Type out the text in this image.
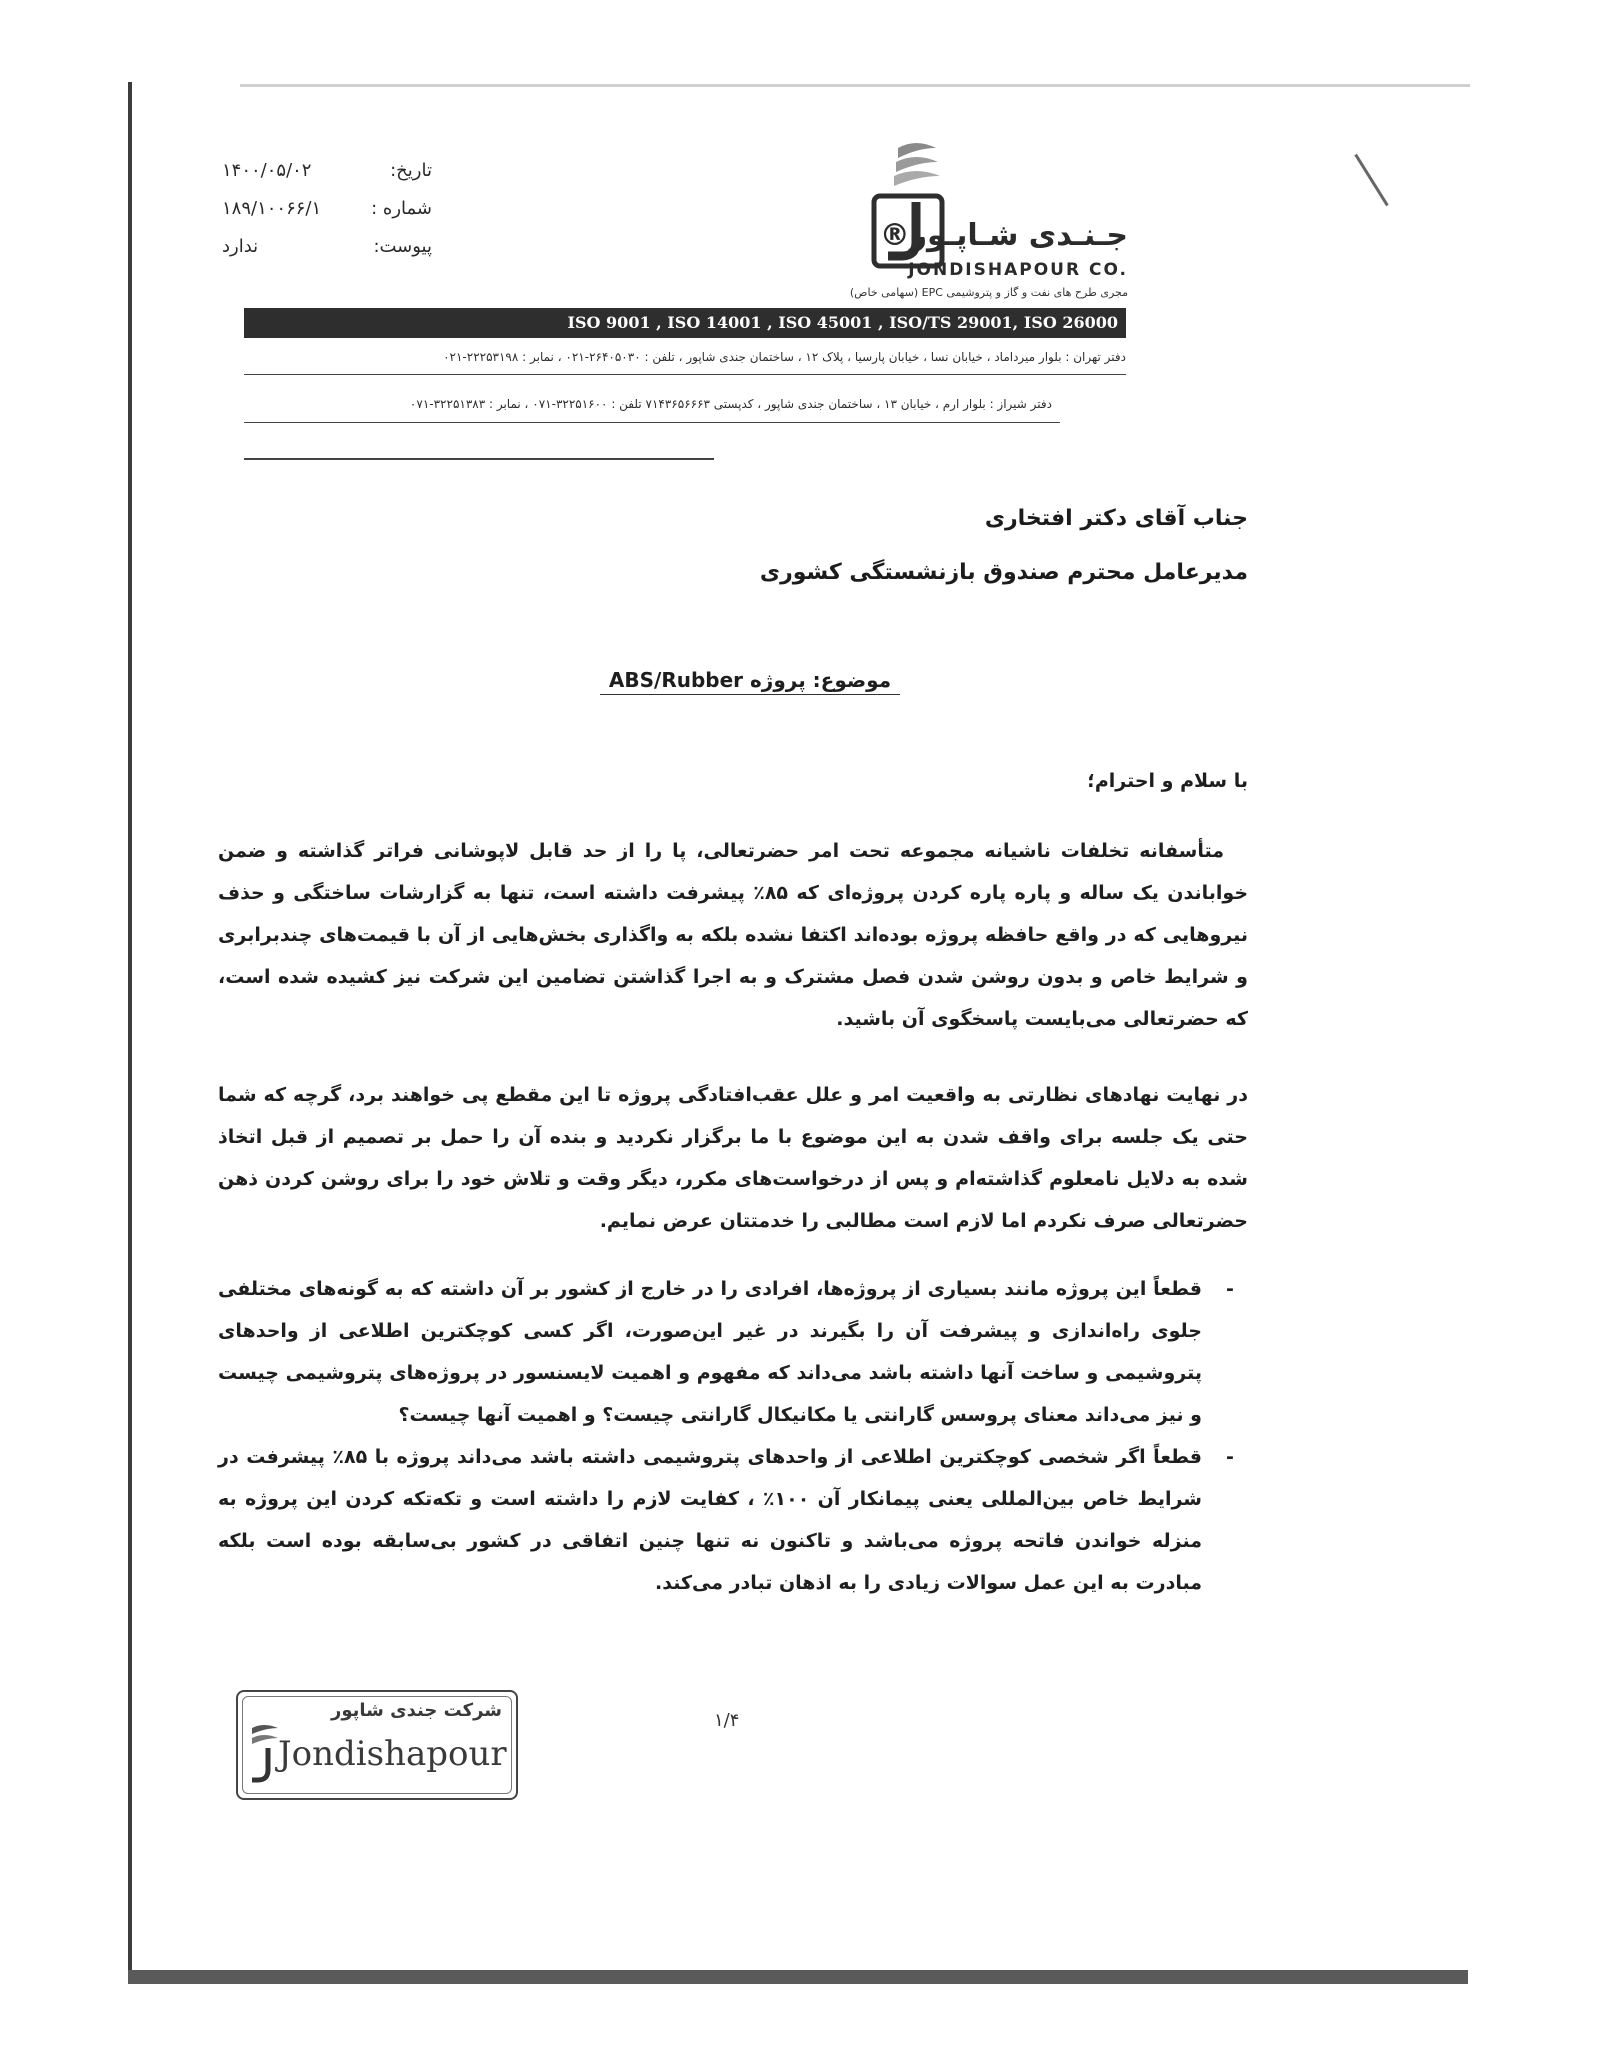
تاریخ:
۱۴۰۰/۰۵/۰۲
شماره :
۱۸۹/۱۰۰۶۶/۱
پیوست:
ندارد	جـنـدی شـاپـور®
JONDISHAPOUR CO.
مجری طرح های نفت و گاز و پتروشیمی EPC (سهامی خاص)
ISO 9001 , ISO 14001 , ISO 45001 , ISO/TS 29001, ISO 26000
دفتر تهران : بلوار میرداماد ، خیابان نسا ، خیابان پارسیا ، پلاک ۱۲ ، ساختمان جندی شاپور ، تلفن : ۲۶۴۰۵۰۳۰-۰۲۱ ، نمابر : ۲۲۲۵۳۱۹۸-۰۲۱
دفتر شیراز : بلوار ارم ، خیابان ۱۳ ، ساختمان جندی شاپور ، کدپستی ۷۱۴۳۶۵۶۶۶۳ تلفن : ۳۲۲۵۱۶۰۰-۰۷۱ ، نمابر : ۳۲۲۵۱۳۸۳-۰۷۱
جناب آقای دکتر افتخاری
مدیرعامل محترم صندوق بازنشستگی کشوری
موضوع: پروژه ABS/Rubber
با سلام و احترام؛
متأسفانه تخلفات ناشیانه مجموعه تحت امر حضرتعالی، پا را از حد قابل لاپوشانی فراتر گذاشته و ضمن خواباندن یک ساله و پاره پاره کردن پروژه‌ای که ۸۵٪ پیشرفت داشته است، تنها به گزارشات ساختگی و حذف نیروهایی که در واقع حافظه پروژه بوده‌اند اکتفا نشده بلکه به واگذاری بخش‌هایی از آن با قیمت‌های چندبرابری و شرایط خاص و بدون روشن شدن فصل مشترک و به اجرا گذاشتن تضامین این شرکت نیز کشیده شده است، که حضرتعالی می‌بایست پاسخگوی آن باشید.
در نهایت نهادهای نظارتی به واقعیت امر و علل عقب‌افتادگی پروژه تا این مقطع پی خواهند برد، گرچه که شما حتی یک جلسه برای واقف شدن به این موضوع با ما برگزار نکردید و بنده آن را حمل بر تصمیم از قبل اتخاذ شده به دلایل نامعلوم گذاشته‌ام و پس از درخواست‌های مکرر، دیگر وقت و تلاش خود را برای روشن کردن ذهن حضرتعالی صرف نکردم اما لازم است مطالبی را خدمتتان عرض نمایم.
-
قطعاً این پروژه مانند بسیاری از پروژه‌ها، افرادی را در خارج از کشور بر آن داشته که به گونه‌های مختلفی جلوی راه‌اندازی و پیشرفت آن را بگیرند در غیر این‌صورت، اگر کسی کوچکترین اطلاعی از واحدهای پتروشیمی و ساخت آنها داشته باشد می‌داند که مفهوم و اهمیت لایسنسور در پروژه‌های پتروشیمی چیست و نیز می‌داند معنای پروسس گارانتی یا مکانیکال گارانتی چیست؟ و اهمیت آنها چیست؟
-
قطعاً اگر شخصی کوچکترین اطلاعی از واحدهای پتروشیمی داشته باشد می‌داند پروژه با ۸۵٪ پیشرفت در شرایط خاص بین‌المللی یعنی پیمانکار آن ۱۰۰٪ ، کفایت لازم را داشته است و تکه‌تکه کردن این پروژه به منزله خواندن فاتحه پروژه می‌باشد و تاکنون نه تنها چنین اتفاقی در کشور بی‌سابقه بوده است بلکه مبادرت به این عمل سوالات زیادی را به اذهان تبادر می‌کند.
شرکت جندی شاپور
Jondishapour
۱/۴
